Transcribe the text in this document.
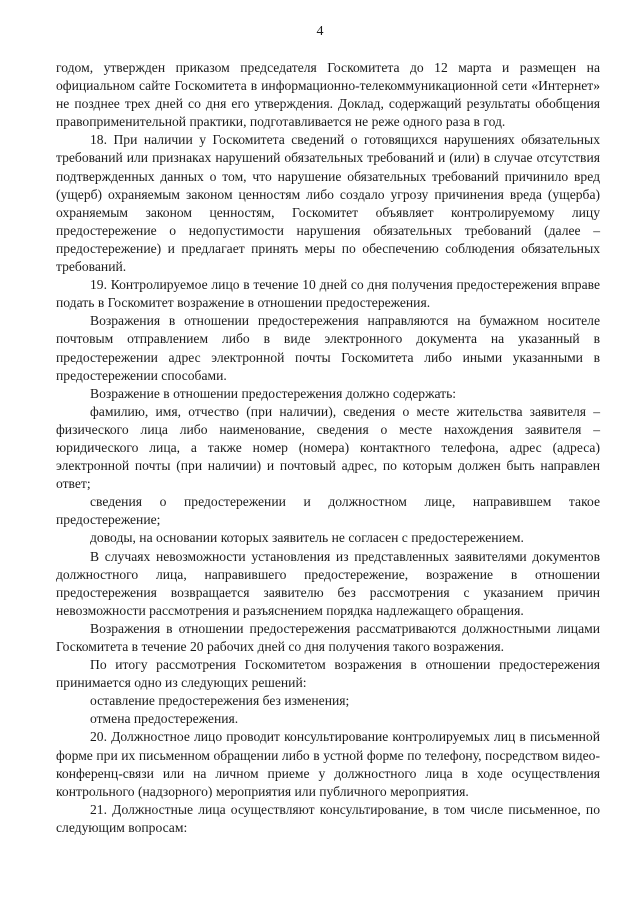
4

годом, утвержден приказом председателя Госкомитета до 12 марта и размещен на официальном сайте Госкомитета в информационно-телекоммуникационной сети «Интернет» не позднее трех дней со дня его утверждения. Доклад, содержащий результаты обобщения правоприменительной практики, подготавливается не реже одного раза в год.

18. При наличии у Госкомитета сведений о готовящихся нарушениях обязательных требований или признаках нарушений обязательных требований и (или) в случае отсутствия подтвержденных данных о том, что нарушение обязательных требований причинило вред (ущерб) охраняемым законом ценностям либо создало угрозу причинения вреда (ущерба) охраняемым законом ценностям, Госкомитет объявляет контролируемому лицу предостережение о недопустимости нарушения обязательных требований (далее – предостережение) и предлагает принять меры по обеспечению соблюдения обязательных требований.

19. Контролируемое лицо в течение 10 дней со дня получения предостережения вправе подать в Госкомитет возражение в отношении предостережения.

Возражения в отношении предостережения направляются на бумажном носителе почтовым отправлением либо в виде электронного документа на указанный в предостережении адрес электронной почты Госкомитета либо иными указанными в предостережении способами.

Возражение в отношении предостережения должно содержать:

фамилию, имя, отчество (при наличии), сведения о месте жительства заявителя – физического лица либо наименование, сведения о месте нахождения заявителя – юридического лица, а также номер (номера) контактного телефона, адрес (адреса) электронной почты (при наличии) и почтовый адрес, по которым должен быть направлен ответ;

сведения о предостережении и должностном лице, направившем такое предостережение;

доводы, на основании которых заявитель не согласен с предостережением.

В случаях невозможности установления из представленных заявителями документов должностного лица, направившего предостережение, возражение в отношении предостережения возвращается заявителю без рассмотрения с указанием причин невозможности рассмотрения и разъяснением порядка надлежащего обращения.

Возражения в отношении предостережения рассматриваются должностными лицами Госкомитета в течение 20 рабочих дней со дня получения такого возражения.

По итогу рассмотрения Госкомитетом возражения в отношении предостережения принимается одно из следующих решений:

оставление предостережения без изменения;

отмена предостережения.

20. Должностное лицо проводит консультирование контролируемых лиц в письменной форме при их письменном обращении либо в устной форме по телефону, посредством видео-конференц-связи или на личном приеме у должностного лица в ходе осуществления контрольного (надзорного) мероприятия или публичного мероприятия.

21. Должностные лица осуществляют консультирование, в том числе письменное, по следующим вопросам:
